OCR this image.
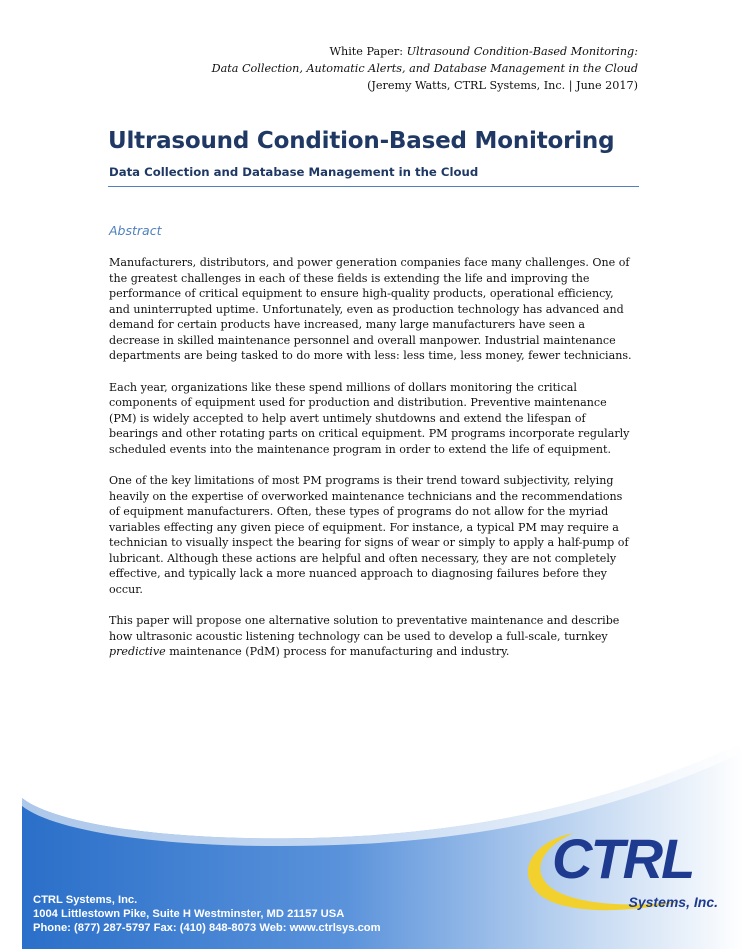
White Paper: Ultrasound Condition-Based Monitoring:
Data Collection, Automatic Alerts, and Database Management in the Cloud
(Jeremy Watts, CTRL Systems, Inc. | June 2017)
Ultrasound Condition-Based Monitoring
Data Collection and Database Management in the Cloud
Abstract

Manufacturers, distributors, and power generation companies face many challenges. One of
the greatest challenges in each of these fields is extending the life and improving the
performance of critical equipment to ensure high-quality products, operational efficiency,
and uninterrupted uptime. Unfortunately, even as production technology has advanced and
demand for certain products have increased, many large manufacturers have seen a
decrease in skilled maintenance personnel and overall manpower. Industrial maintenance
departments are being tasked to do more with less: less time, less money, fewer technicians.

Each year, organizations like these spend millions of dollars monitoring the critical
components of equipment used for production and distribution. Preventive maintenance
(PM) is widely accepted to help avert untimely shutdowns and extend the lifespan of
bearings and other rotating parts on critical equipment. PM programs incorporate regularly
scheduled events into the maintenance program in order to extend the life of equipment.

One of the key limitations of most PM programs is their trend toward subjectivity, relying
heavily on the expertise of overworked maintenance technicians and the recommendations
of equipment manufacturers. Often, these types of programs do not allow for the myriad
variables effecting any given piece of equipment. For instance, a typical PM may require a
technician to visually inspect the bearing for signs of wear or simply to apply a half-pump of
lubricant. Although these actions are helpful and often necessary, they are not completely
effective, and typically lack a more nuanced approach to diagnosing failures before they
occur.

This paper will propose one alternative solution to preventative maintenance and describe
how ultrasonic acoustic listening technology can be used to develop a full-scale, turnkey
predictive maintenance (PdM) process for manufacturing and industry.

CTRL
Systems, Inc.
CTRL Systems, Inc.
1004 Littlestown Pike, Suite H Westminster, MD 21157 USA
Phone: (877) 287-5797 Fax: (410) 848-8073 Web: www.ctrlsys.com
